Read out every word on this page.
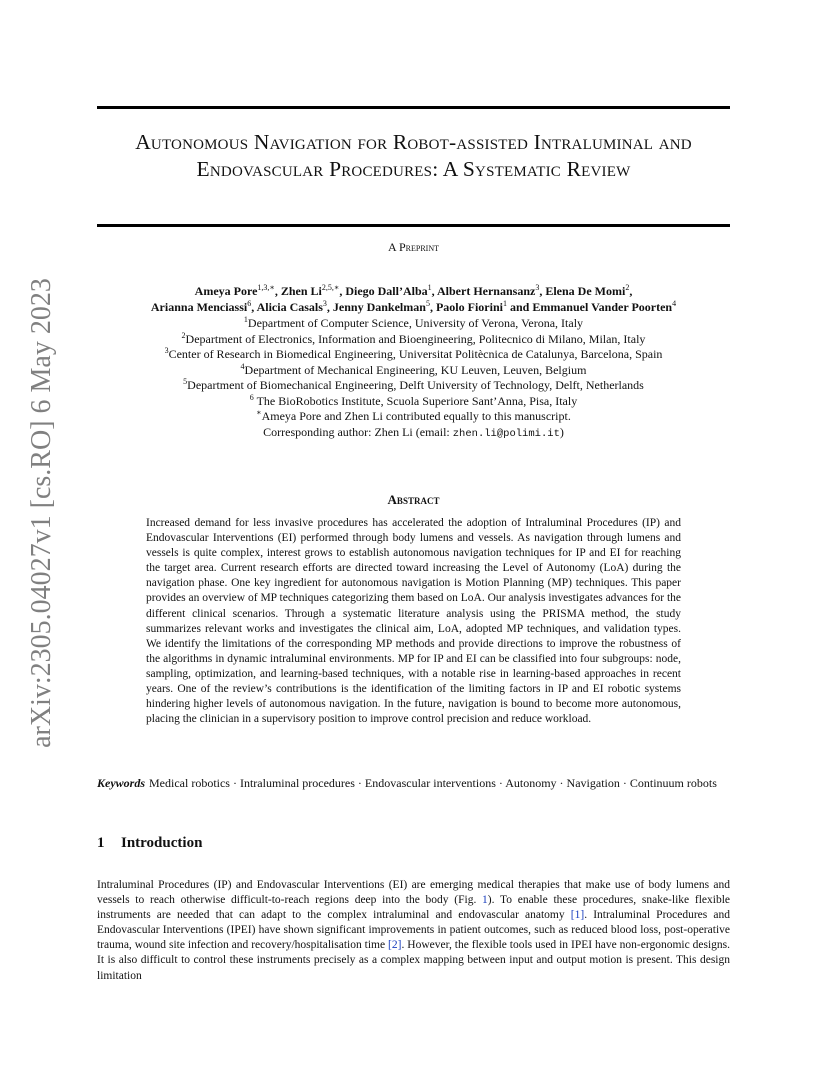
arXiv:2305.04027v1 [cs.RO] 6 May 2023
Autonomous Navigation for Robot-assisted Intraluminal and Endovascular Procedures: A Systematic Review
A Preprint
Ameya Pore$^{1,3,∗}$, Zhen $Li^{2,5,∗}$, Diego Dall’Alba$^1$, Albert Hernansanz$^3$, Elena De Momi$^2$,
Arianna Menciassi$^6$, Alicia Casals$^3$, Jenny Dankelman$^5$, Paolo Fiorini$^1$ and Emmanuel Vander Poorten$^4$
$^1$Department of Computer Science, University of Verona, Verona, Italy
$^2$Department of Electronics, Information and Bioengineering, Politecnico di Milano, Milan, Italy
$^3$Center of Research in Biomedical Engineering, Universitat Politècnica de Catalunya, Barcelona, Spain
$^4$Department of Mechanical Engineering, KU Leuven, Leuven, Belgium
$^5$Department of Biomechanical Engineering, Delft University of Technology, Delft, Netherlands
$^6$ The BioRobotics Institute, Scuola Superiore Sant’Anna, Pisa, Italy
∗Ameya Pore and Zhen Li contributed equally to this manuscript.
Corresponding author: Zhen Li (email: zhen.li@polimi.it)
Abstract
Increased demand for less invasive procedures has accelerated the adoption of Intraluminal Procedures (IP) and Endovascular Interventions (EI) performed through body lumens and vessels. As navigation through lumens and vessels is quite complex, interest grows to establish autonomous navigation techniques for IP and EI for reaching the target area. Current research efforts are directed toward increasing the Level of Autonomy (LoA) during the navigation phase. One key ingredient for autonomous navigation is Motion Planning (MP) techniques. This paper provides an overview of MP techniques categorizing them based on LoA. Our analysis investigates advances for the different clinical scenarios. Through a systematic literature analysis using the PRISMA method, the study summarizes relevant works and investigates the clinical aim, LoA, adopted MP techniques, and validation types. We identify the limitations of the corresponding MP methods and provide directions to improve the robustness of the algorithms in dynamic intraluminal environments. MP for IP and EI can be classified into four subgroups: node, sampling, optimization, and learning-based techniques, with a notable rise in learning-based approaches in recent years. One of the review’s contributions is the identification of the limiting factors in IP and EI robotic systems hindering higher levels of autonomous navigation. In the future, navigation is bound to become more autonomous, placing the clinician in a supervisory position to improve control precision and reduce workload.
Keywords Medical robotics · Intraluminal procedures · Endovascular interventions · Autonomy · Navigation · Continuum robots
1 Introduction
Intraluminal Procedures (IP) and Endovascular Interventions (EI) are emerging medical therapies that make use of body lumens and vessels to reach otherwise difficult-to-reach regions deep into the body (Fig. 1). To enable these procedures, snake-like flexible instruments are needed that can adapt to the complex intraluminal and endovascular anatomy [1]. Intraluminal Procedures and Endovascular Interventions (IPEI) have shown significant improvements in patient outcomes, such as reduced blood loss, post-operative trauma, wound site infection and recovery/hospitalisation time [2]. However, the flexible tools used in IPEI have non-ergonomic designs. It is also difficult to control these instruments precisely as a complex mapping between input and output motion is present. This design limitation
